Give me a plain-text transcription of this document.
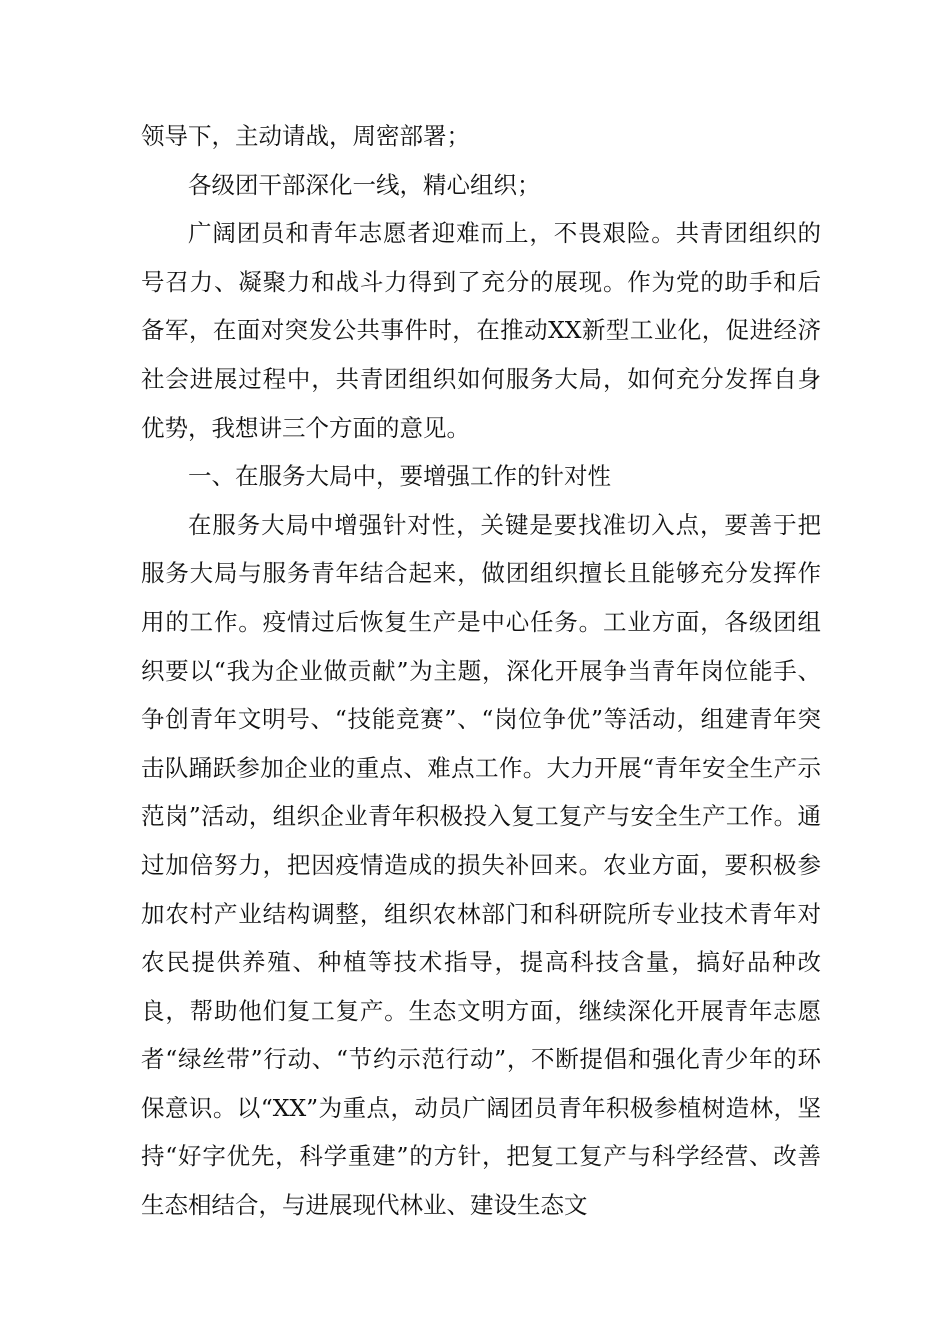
领导下，主动请战，周密部署；

各级团干部深化一线，精心组织；

广阔团员和青年志愿者迎难而上，不畏艰险。共青团组织的号召力、凝聚力和战斗力得到了充分的展现。作为党的助手和后备军，在面对突发公共事件时，在推动XX新型工业化，促进经济社会进展过程中，共青团组织如何服务大局，如何充分发挥自身优势，我想讲三个方面的意见。

一、在服务大局中，要增强工作的针对性

在服务大局中增强针对性，关键是要找准切入点，要善于把服务大局与服务青年结合起来，做团组织擅长且能够充分发挥作用的工作。疫情过后恢复生产是中心任务。工业方面，各级团组织要以“我为企业做贡献”为主题，深化开展争当青年岗位能手、争创青年文明号、“技能竞赛”、“岗位争优”等活动，组建青年突击队踊跃参加企业的重点、难点工作。大力开展“青年安全生产示范岗”活动，组织企业青年积极投入复工复产与安全生产工作。通过加倍努力，把因疫情造成的损失补回来。农业方面，要积极参加农村产业结构调整，组织农林部门和科研院所专业技术青年对农民提供养殖、种植等技术指导，提高科技含量，搞好品种改良，帮助他们复工复产。生态文明方面，继续深化开展青年志愿者“绿丝带”行动、“节约示范行动”，不断提倡和强化青少年的环保意识。以“XX”为重点，动员广阔团员青年积极参植树造林，坚持“好字优先，科学重建”的方针，把复工复产与科学经营、改善生态相结合，与进展现代林业、建设生态文
